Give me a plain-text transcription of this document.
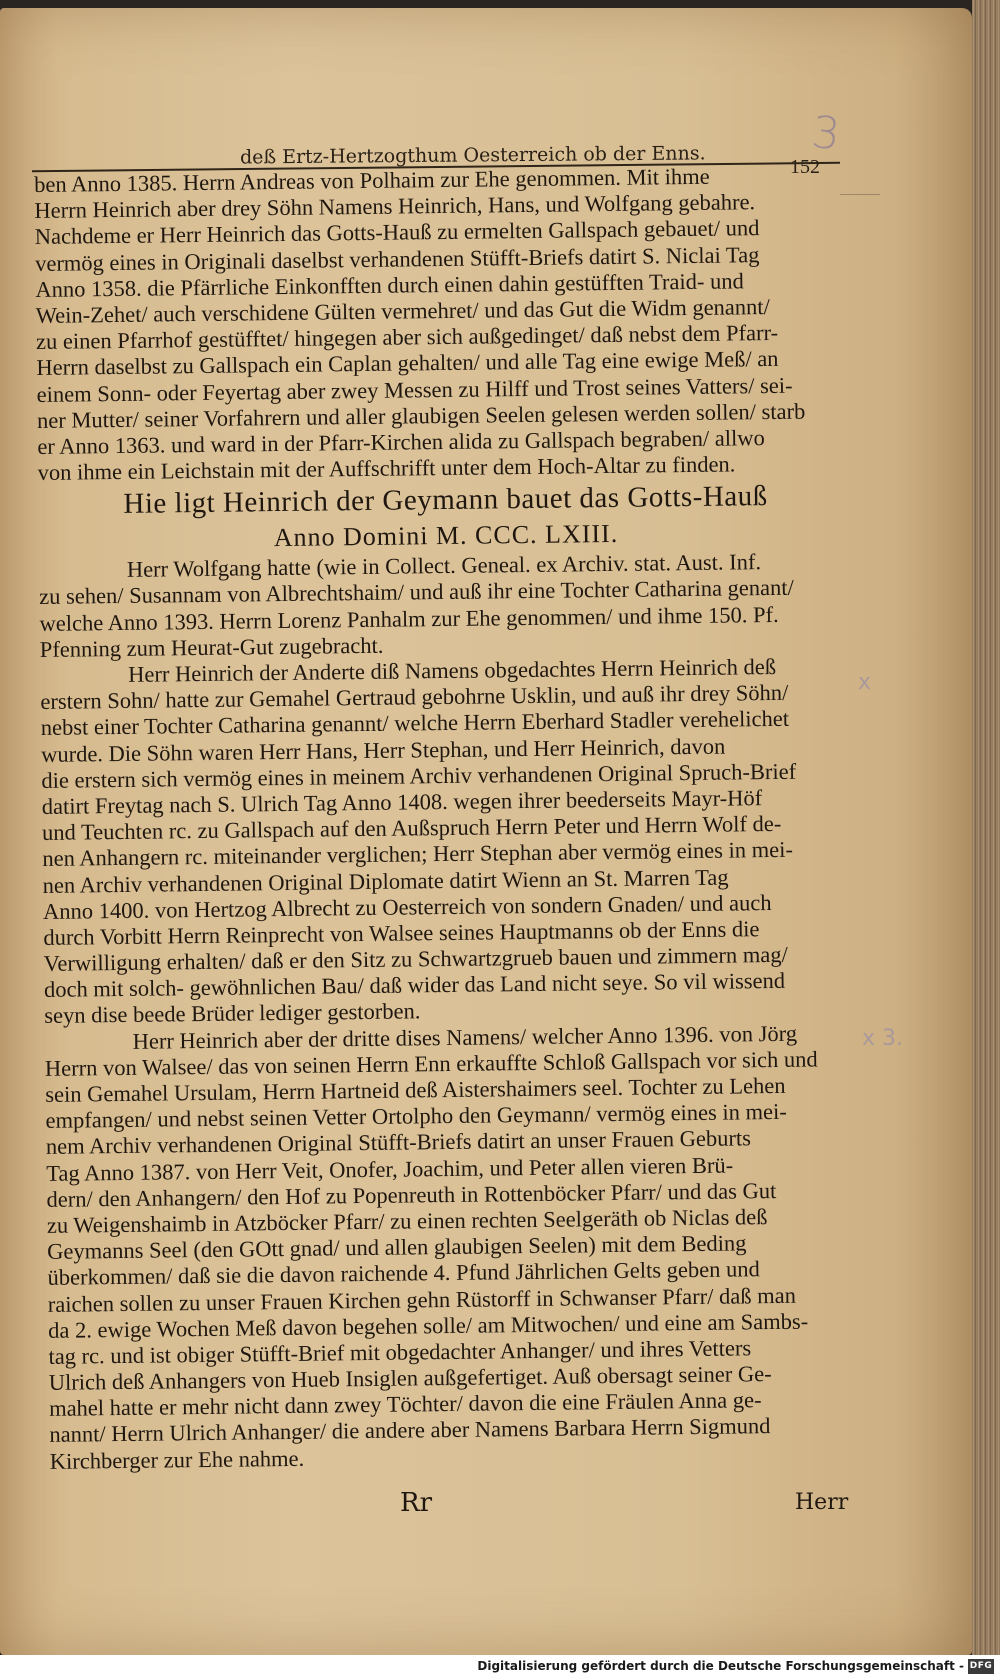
3
deß Ertz-Hertzogthum Oesterreich ob der Enns.	152
ben Anno 1385. Herrn Andreas von Polhaim zur Ehe genommen. Mit ihme
Herrn Heinrich aber drey Söhn Namens Heinrich, Hans, und Wolfgang gebahre.
Nachdeme er Herr Heinrich das Gotts-Hauß zu ermelten Gallspach gebauet/ und
vermög eines in Originali daselbst verhandenen Stüfft-Briefs datirt S. Niclai Tag
Anno 1358. die Pfärrliche Einkonfften durch einen dahin gestüfften Traid- und
Wein-Zehet/ auch verschidene Gülten vermehret/ und das Gut die Widm genannt/
zu einen Pfarrhof gestüfftet/ hingegen aber sich außgedinget/ daß nebst dem Pfarr-
Herrn daselbst zu Gallspach ein Caplan gehalten/ und alle Tag eine ewige Meß/ an
einem Sonn- oder Feyertag aber zwey Messen zu Hilff und Trost seines Vatters/ sei-
ner Mutter/ seiner Vorfahrern und aller glaubigen Seelen gelesen werden sollen/ starb
er Anno 1363. und ward in der Pfarr-Kirchen alida zu Gallspach begraben/ allwo
von ihme ein Leichstain mit der Auffschrifft unter dem Hoch-Altar zu finden.
Hie ligt Heinrich der Geymann bauet das Gotts-Hauß
Anno Domini M. CCC. LXIII.
Herr Wolfgang hatte (wie in Collect. Geneal. ex Archiv. stat. Aust. Inf.
zu sehen/ Susannam von Albrechtshaim/ und auß ihr eine Tochter Catharina genant/
welche Anno 1393. Herrn Lorenz Panhalm zur Ehe genommen/ und ihme 150. Pf.
Pfenning zum Heurat-Gut zugebracht.
Herr Heinrich der Anderte diß Namens obgedachtes Herrn Heinrich deß
erstern Sohn/ hatte zur Gemahel Gertraud gebohrne Usklin, und auß ihr drey Söhn/
nebst einer Tochter Catharina genannt/ welche Herrn Eberhard Stadler verehelichet
wurde. Die Söhn waren Herr Hans, Herr Stephan, und Herr Heinrich, davon
die erstern sich vermög eines in meinem Archiv verhandenen Original Spruch-Brief
datirt Freytag nach S. Ulrich Tag Anno 1408. wegen ihrer beederseits Mayr-Höf
und Teuchten rc. zu Gallspach auf den Außspruch Herrn Peter und Herrn Wolf de-
nen Anhangern rc. miteinander verglichen; Herr Stephan aber vermög eines in mei-
nen Archiv verhandenen Original Diplomate datirt Wienn an St. Marren Tag
Anno 1400. von Hertzog Albrecht zu Oesterreich von sondern Gnaden/ und auch
durch Vorbitt Herrn Reinprecht von Walsee seines Hauptmanns ob der Enns die
Verwilligung erhalten/ daß er den Sitz zu Schwartzgrueb bauen und zimmern mag/
doch mit solch- gewöhnlichen Bau/ daß wider das Land nicht seye. So vil wissend
seyn dise beede Brüder lediger gestorben.
Herr Heinrich aber der dritte dises Namens/ welcher Anno 1396. von Jörg
Herrn von Walsee/ das von seinen Herrn Enn erkauffte Schloß Gallspach vor sich und
sein Gemahel Ursulam, Herrn Hartneid deß Aistershaimers seel. Tochter zu Lehen
empfangen/ und nebst seinen Vetter Ortolpho den Geymann/ vermög eines in mei-
nem Archiv verhandenen Original Stüfft-Briefs datirt an unser Frauen Geburts
Tag Anno 1387. von Herr Veit, Onofer, Joachim, und Peter allen vieren Brü-
dern/ den Anhangern/ den Hof zu Popenreuth in Rottenböcker Pfarr/ und das Gut
zu Weigenshaimb in Atzböcker Pfarr/ zu einen rechten Seelgeräth ob Niclas deß
Geymanns Seel (den GOtt gnad/ und allen glaubigen Seelen) mit dem Beding
überkommen/ daß sie die davon raichende 4. Pfund Jährlichen Gelts geben und
raichen sollen zu unser Frauen Kirchen gehn Rüstorff in Schwanser Pfarr/ daß man
da 2. ewige Wochen Meß davon begehen solle/ am Mitwochen/ und eine am Sambs-
tag rc. und ist obiger Stüfft-Brief mit obgedachter Anhanger/ und ihres Vetters
Ulrich deß Anhangers von Hueb Insiglen außgefertiget. Auß obersagt seiner Ge-
mahel hatte er mehr nicht dann zwey Töchter/ davon die eine Fräulen Anna ge-
nannt/ Herrn Ulrich Anhanger/ die andere aber Namens Barbara Herrn Sigmund
Kirchberger zur Ehe nahme.
Rr	Herr
x
x 3.
Digitalisierung gefördert durch die Deutsche Forschungsgemeinschaft - DFG
